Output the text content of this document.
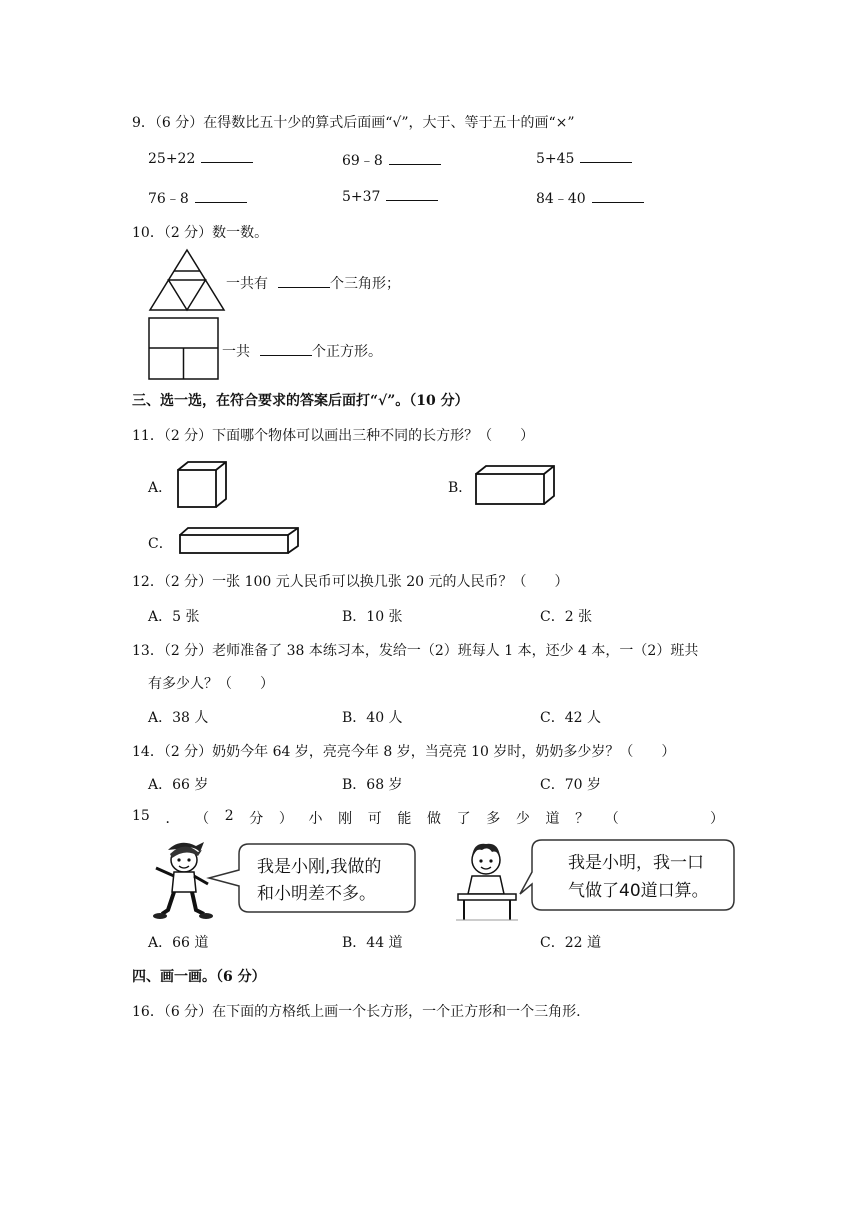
9．（6 分）在得数比五十少的算式后面画“√”，大于、等于五十的画“×”
25+22	69﹣8	5+45
76﹣8	5+37	84﹣40
10．（2 分）数一数。
一共有	个三角形；
一共	个正方形。
三、选一选，在符合要求的答案后面打“√”。（10 分）
11．（2 分）下面哪个物体可以画出三种不同的长方形？（　　）
A．	B．
C．
12．（2 分）一张 100 元人民币可以换几张 20 元的人民币？（　　）
A．5 张	B．10 张	C．2 张
13．（2 分）老师准备了 38 本练习本，发给一（2）班每人 1 本，还少 4 本，一（2）班共
有多少人？（　　）
A．38 人	B．40 人	C．42 人
14．（2 分）奶奶今年 64 岁，亮亮今年 8 岁，当亮亮 10 岁时，奶奶多少岁？（　　）
A．66 岁	B．68 岁	C．70 岁
15 ． （ 2 分 ） 小 刚 可 能 做 了 多 少 道 ？ （	）
我是小刚,我做的
和小明差不多。
我是小明，我一口
气做了40道口算。
A．66 道	B．44 道	C．22 道
四、画一画。（6 分）
16．（6 分）在下面的方格纸上画一个长方形，一个正方形和一个三角形.
